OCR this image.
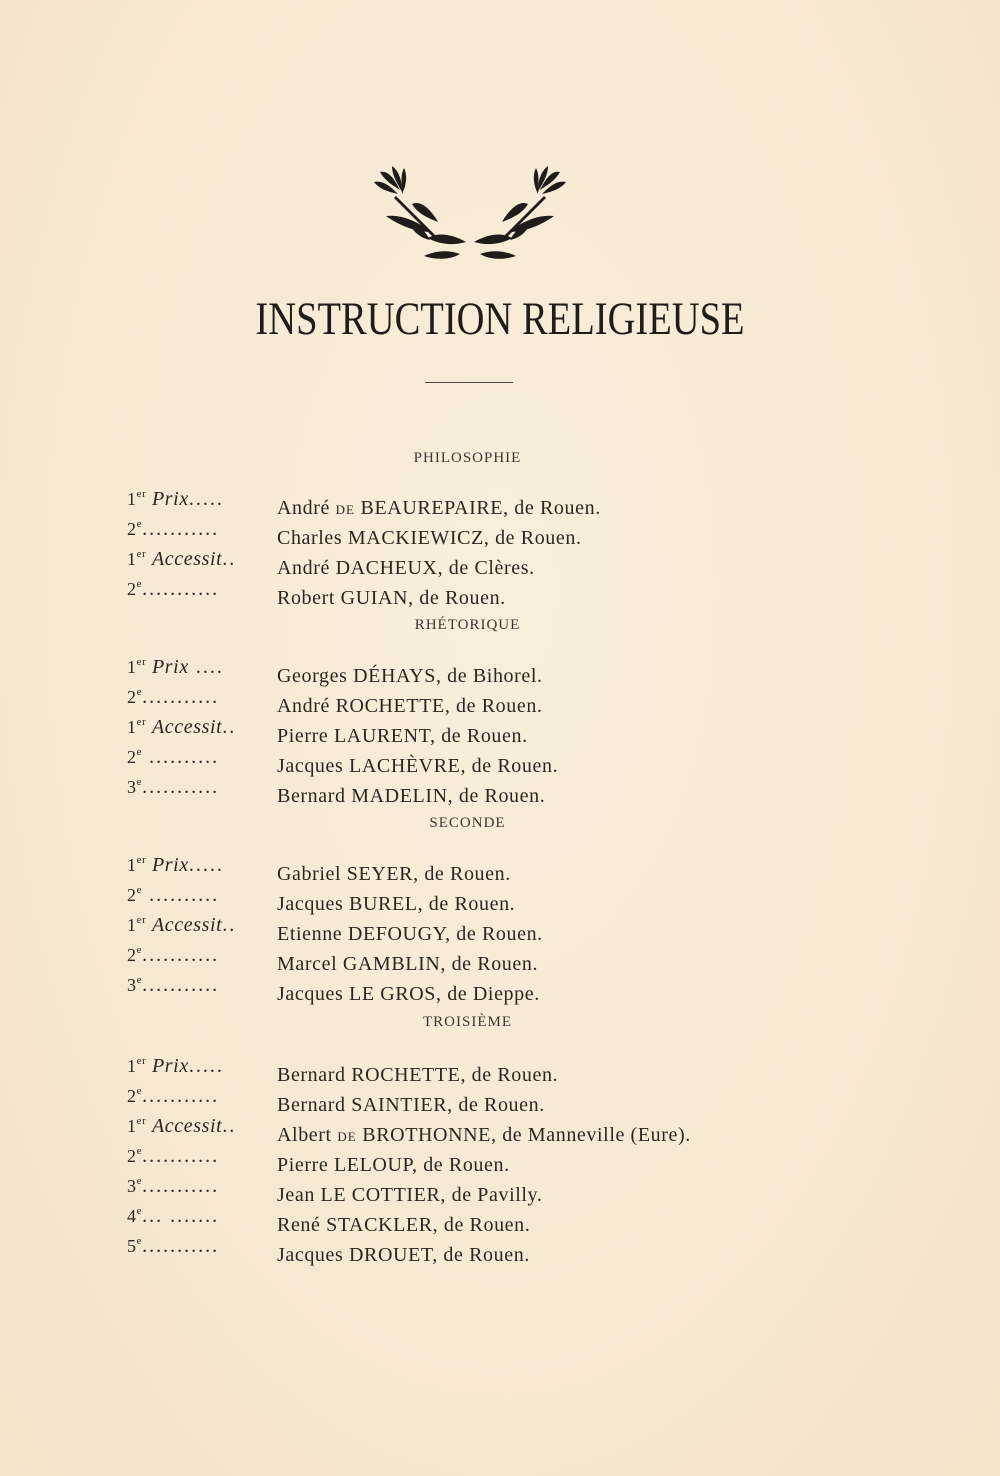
INSTRUCTION RELIGIEUSE
PHILOSOPHIE
1er Prix.....	André DE BEAUREPAIRE, de Rouen.
2e...........	Charles MACKIEWICZ, de Rouen.
1er Accessit.. André DACHEUX, de Clères.
2e...........	Robert GUIAN, de Rouen.
RHÉTORIQUE
1er Prix ....	Georges DÉHAYS, de Bihorel.
2e...........	André ROCHETTE, de Rouen.
1er Accessit.. Pierre LAURENT, de Rouen.
2e ..........	Jacques LACHÈVRE, de Rouen.
3e...........	Bernard MADELIN, de Rouen.
SECONDE
1er Prix.....	Gabriel SEYER, de Rouen.
2e ..........	Jacques BUREL, de Rouen.
1er Accessit.. Etienne DEFOUGY, de Rouen.
2e...........	Marcel GAMBLIN, de Rouen.
3e...........	Jacques LE GROS, de Dieppe.
TROISIÈME
1er Prix.....	Bernard ROCHETTE, de Rouen.
2e...........	Bernard SAINTIER, de Rouen.
1er Accessit.. Albert DE BROTHONNE, de Manneville (Eure).
2e...........	Pierre LELOUP, de Rouen.
3e...........	Jean LE COTTIER, de Pavilly.
4e... .......	René STACKLER, de Rouen.
5e...........	Jacques DROUET, de Rouen.
